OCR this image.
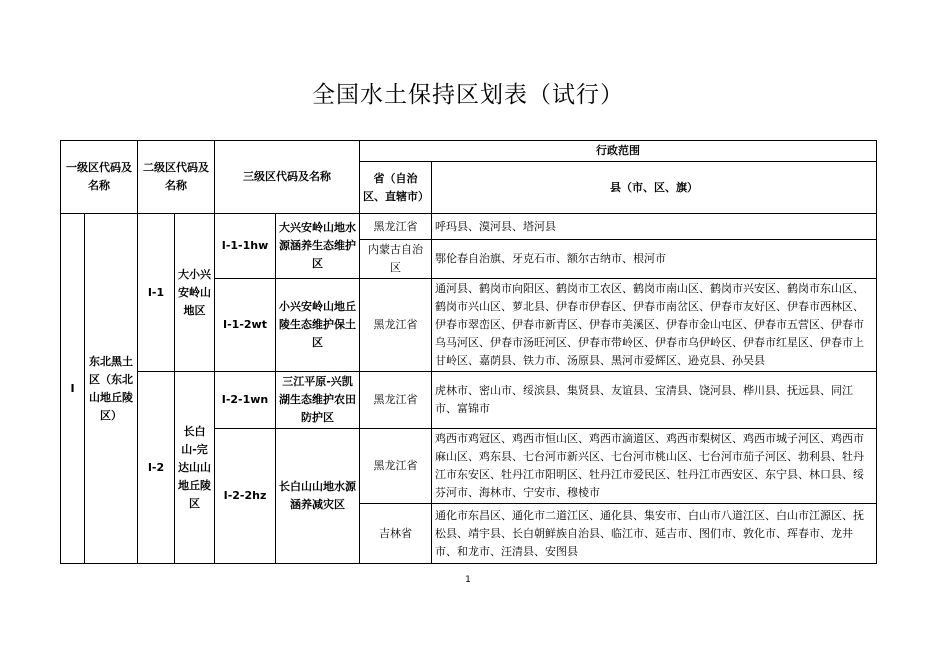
全国水土保持区划表（试行）
一级区代码及名称		二级区代码及名称		三级区代码及名称		行政范围	
						省（自治区、直辖市）	县（市、区、旗）
I	东北黑土区（东北山地丘陵区）	I-1	大小兴安岭山地区	I-1-1hw	大兴安岭山地水源涵养生态维护区	黑龙江省	呼玛县、漠河县、塔河县
						内蒙古自治区	鄂伦春自治旗、牙克石市、额尔古纳市、根河市
				I-1-2wt	小兴安岭山地丘陵生态维护保土区	黑龙江省	通河县、鹤岗市向阳区、鹤岗市工农区、鹤岗市南山区、鹤岗市兴安区、鹤岗市东山区、鹤岗市兴山区、萝北县、伊春市伊春区、伊春市南岔区、伊春市友好区、伊春市西林区、伊春市翠峦区、伊春市新青区、伊春市美溪区、伊春市金山屯区、伊春市五营区、伊春市乌马河区、伊春市汤旺河区、伊春市带岭区、伊春市乌伊岭区、伊春市红星区、伊春市上甘岭区、嘉荫县、铁力市、汤原县、黑河市爱辉区、逊克县、孙吴县
		I-2	长白山-完达山山地丘陵区	I-2-1wn	三江平原-兴凯湖生态维护农田防护区	黑龙江省	虎林市、密山市、绥滨县、集贤县、友谊县、宝清县、饶河县、桦川县、抚远县、同江市、富锦市
				I-2-2hz	长白山山地水源涵养减灾区	黑龙江省	鸡西市鸡冠区、鸡西市恒山区、鸡西市滴道区、鸡西市梨树区、鸡西市城子河区、鸡西市麻山区、鸡东县、七台河市新兴区、七台河市桃山区、七台河市茄子河区、勃利县、牡丹江市东安区、牡丹江市阳明区、牡丹江市爱民区、牡丹江市西安区、东宁县、林口县、绥芬河市、海林市、宁安市、穆棱市
						吉林省	通化市东昌区、通化市二道江区、通化县、集安市、白山市八道江区、白山市江源区、抚松县、靖宇县、长白朝鲜族自治县、临江市、延吉市、图们市、敦化市、珲春市、龙井市、和龙市、汪清县、安图县
1
